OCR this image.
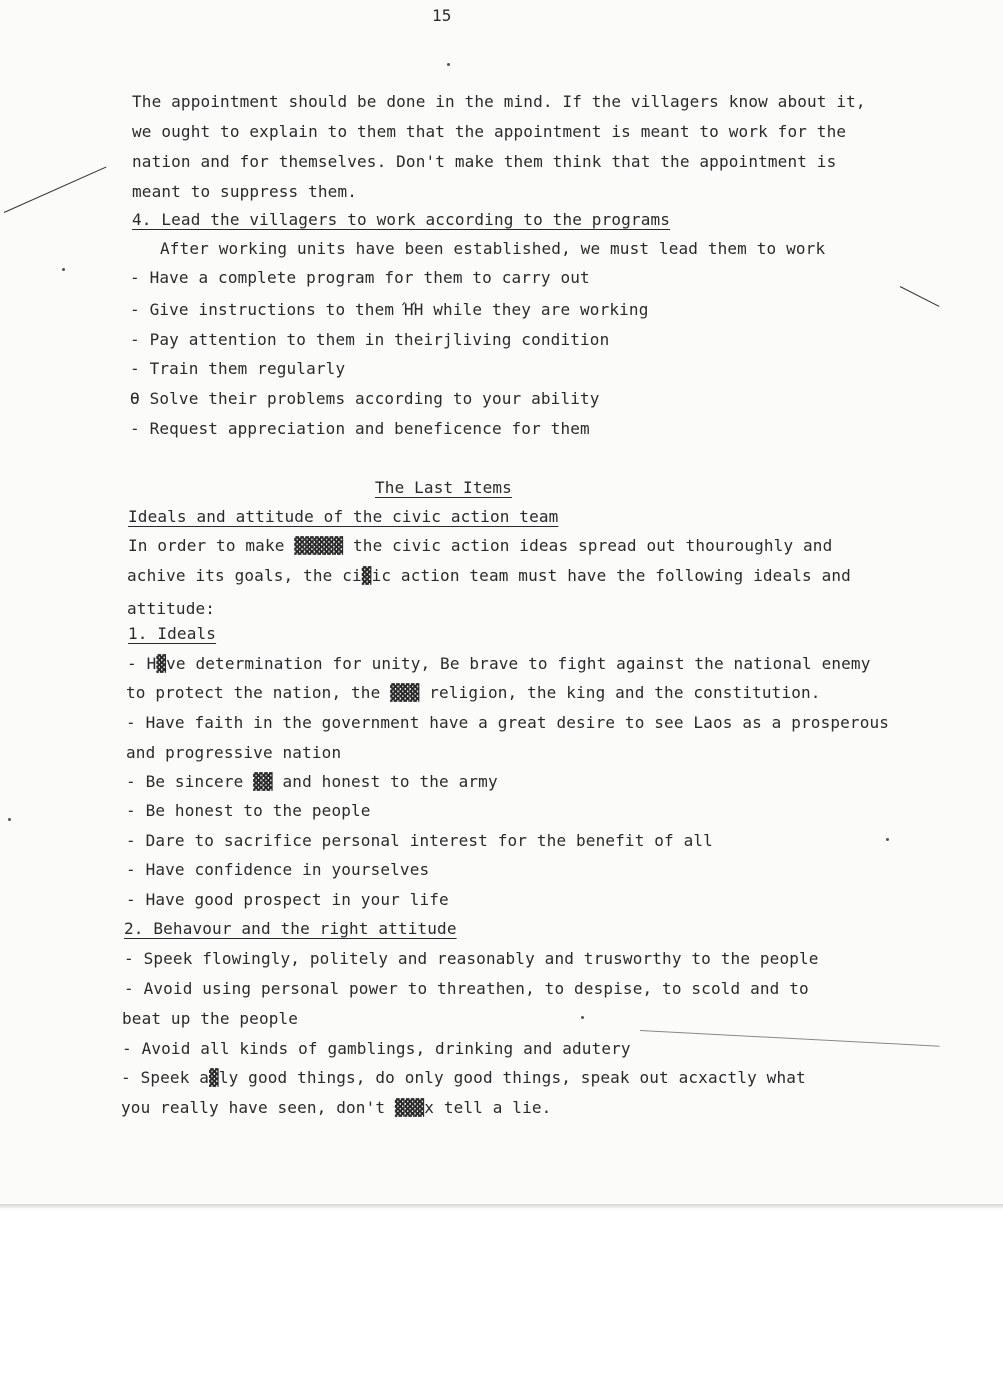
15
The appointment should be done in the mind. If the villagers know about it,
we ought to explain to them that the appointment is meant to work for the
nation and for themselves. Don't make them think that the appointment is
meant to suppress them.
4. Lead the villagers to work according to the programs
After working units have been established, we must lead them to work
- Have a complete program for them to carry out
- Give instructions to them ΉΉ while they are working
- Pay attention to them in theirjliving condition
- Train them regularly
ϴ Solve their problems according to your ability
- Request appreciation and beneficence for them
The Last Items
Ideals and attitude of the civic action team
In order to make ▓▓▓▓▓ the civic action ideas spread out thouroughly and
achive its goals, the ci▓ic action team must have the following ideals and
attitude:
1. Ideals
- H▓ve determination for unity, Be brave to fight against the national enemy
to protect the nation, the ▓▓▓ religion, the king and the constitution.
- Have faith in the government have a great desire to see Laos as a prosperous
and progressive nation
- Be sincere ▓▓ and honest to the army
- Be honest to the people
- Dare to sacrifice personal interest for the benefit of all
- Have confidence in yourselves
- Have good prospect in your life
2. Behavour and the right attitude
- Speek flowingly, politely and reasonably and trusworthy to the people
- Avoid using personal power to threathen, to despise, to scold and to
beat up the people
- Avoid all kinds of gamblings, drinking and adutery
- Speek a▓ly good things, do only good things, speak out acxactly what
you really have seen, don't ▓▓▓x tell a lie.
